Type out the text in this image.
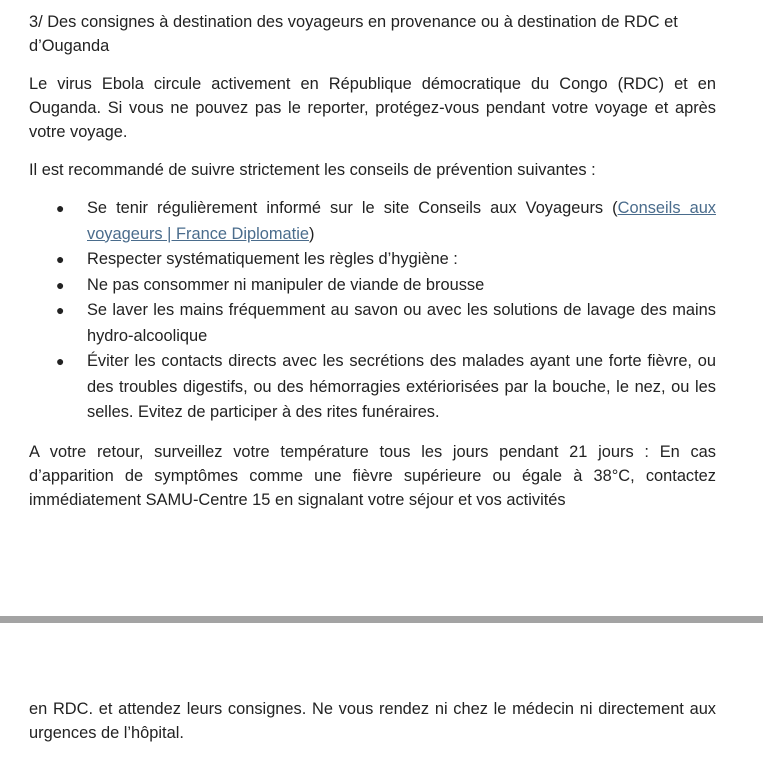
3/ Des consignes à destination des voyageurs en provenance ou à destination de RDC et d’Ouganda

Le virus Ebola circule activement en République démocratique du Congo (RDC) et en Ouganda. Si vous ne pouvez pas le reporter, protégez-vous pendant votre voyage et après votre voyage.

Il est recommandé de suivre strictement les conseils de prévention suivantes :

● Se tenir régulièrement informé sur le site Conseils aux Voyageurs (Conseils aux voyageurs | France Diplomatie)
● Respecter systématiquement les règles d’hygiène :
● Ne pas consommer ni manipuler de viande de brousse
● Se laver les mains fréquemment au savon ou avec les solutions de lavage des mains hydro-alcoolique
● Éviter les contacts directs avec les secrétions des malades ayant une forte fièvre, ou des troubles digestifs, ou des hémorragies extériorisées par la bouche, le nez, ou les selles. Evitez de participer à des rites funéraires.

A votre retour, surveillez votre température tous les jours pendant 21 jours : En cas d’apparition de symptômes comme une fièvre supérieure ou égale à 38°C, contactez immédiatement SAMU-Centre 15 en signalant votre séjour et vos activités

en RDC. et attendez leurs consignes. Ne vous rendez ni chez le médecin ni directement aux urgences de l’hôpital.
